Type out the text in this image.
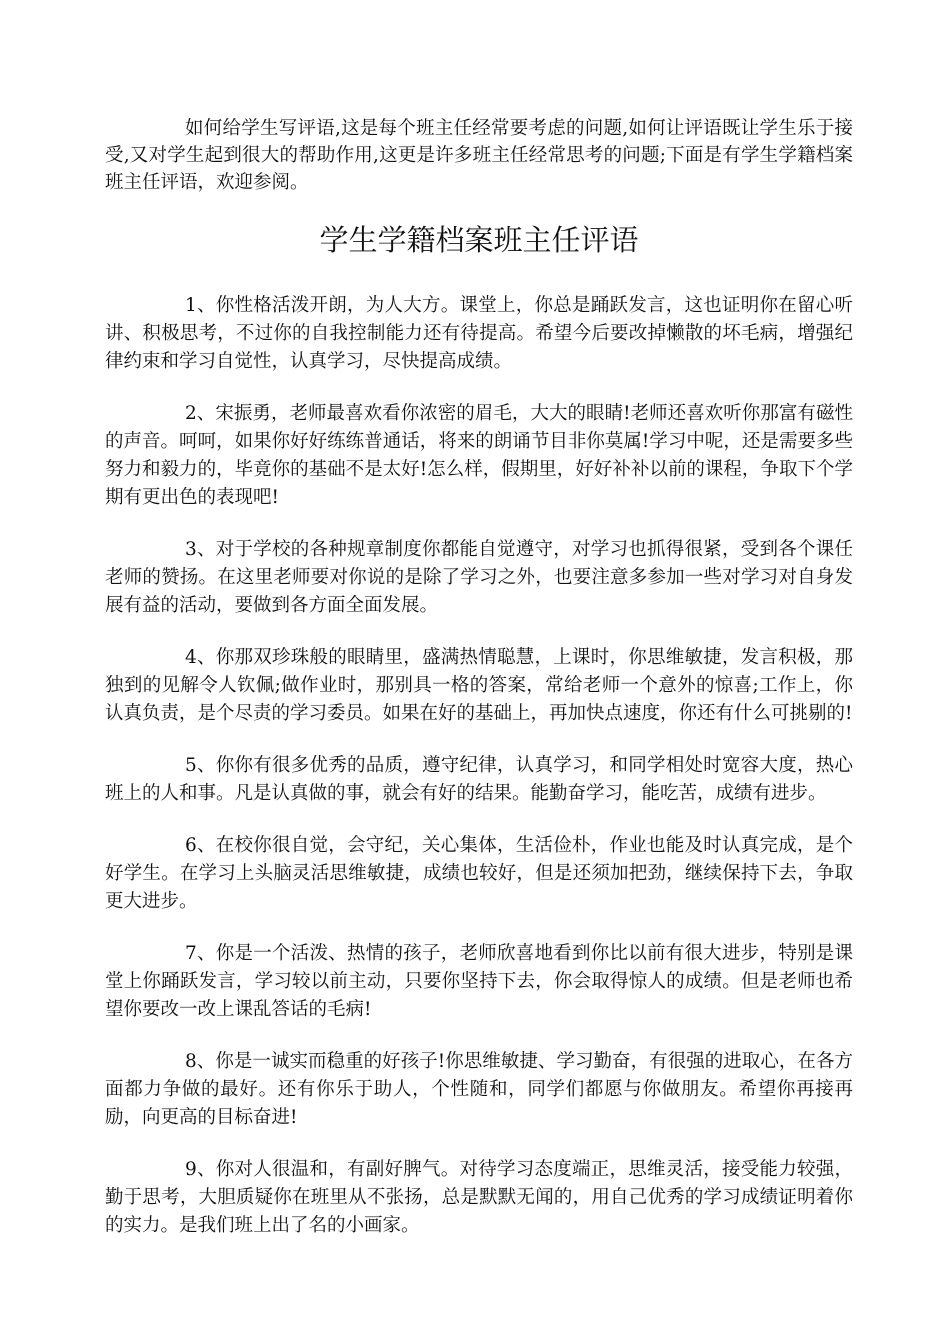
如何给学生写评语,这是每个班主任经常要考虑的问题,如何让评语既让学生乐于接受,又对学生起到很大的帮助作用,这更是许多班主任经常思考的问题;下面是有学生学籍档案班主任评语，欢迎参阅。

学生学籍档案班主任评语

1、你性格活泼开朗，为人大方。课堂上，你总是踊跃发言，这也证明你在留心听讲、积极思考，不过你的自我控制能力还有待提高。希望今后要改掉懒散的坏毛病，增强纪律约束和学习自觉性，认真学习，尽快提高成绩。

2、宋振勇，老师最喜欢看你浓密的眉毛，大大的眼睛!老师还喜欢听你那富有磁性的声音。呵呵，如果你好好练练普通话，将来的朗诵节目非你莫属!学习中呢，还是需要多些努力和毅力的，毕竟你的基础不是太好!怎么样，假期里，好好补补以前的课程，争取下个学期有更出色的表现吧!

3、对于学校的各种规章制度你都能自觉遵守，对学习也抓得很紧，受到各个课任老师的赞扬。在这里老师要对你说的是除了学习之外，也要注意多参加一些对学习对自身发展有益的活动，要做到各方面全面发展。

4、你那双珍珠般的眼睛里，盛满热情聪慧，上课时，你思维敏捷，发言积极，那独到的见解令人钦佩;做作业时，那别具一格的答案，常给老师一个意外的惊喜;工作上，你认真负责，是个尽责的学习委员。如果在好的基础上，再加快点速度，你还有什么可挑剔的!

5、你你有很多优秀的品质，遵守纪律，认真学习，和同学相处时宽容大度，热心班上的人和事。凡是认真做的事，就会有好的结果。能勤奋学习，能吃苦，成绩有进步。

6、在校你很自觉，会守纪，关心集体，生活俭朴，作业也能及时认真完成，是个好学生。在学习上头脑灵活思维敏捷，成绩也较好，但是还须加把劲，继续保持下去，争取更大进步。

7、你是一个活泼、热情的孩子，老师欣喜地看到你比以前有很大进步，特别是课堂上你踊跃发言，学习较以前主动，只要你坚持下去，你会取得惊人的成绩。但是老师也希望你要改一改上课乱答话的毛病!

8、你是一诚实而稳重的好孩子!你思维敏捷、学习勤奋，有很强的进取心，在各方面都力争做的最好。还有你乐于助人，个性随和，同学们都愿与你做朋友。希望你再接再励，向更高的目标奋进!

9、你对人很温和，有副好脾气。对待学习态度端正，思维灵活，接受能力较强，勤于思考，大胆质疑你在班里从不张扬，总是默默无闻的，用自己优秀的学习成绩证明着你的实力。是我们班上出了名的小画家。
